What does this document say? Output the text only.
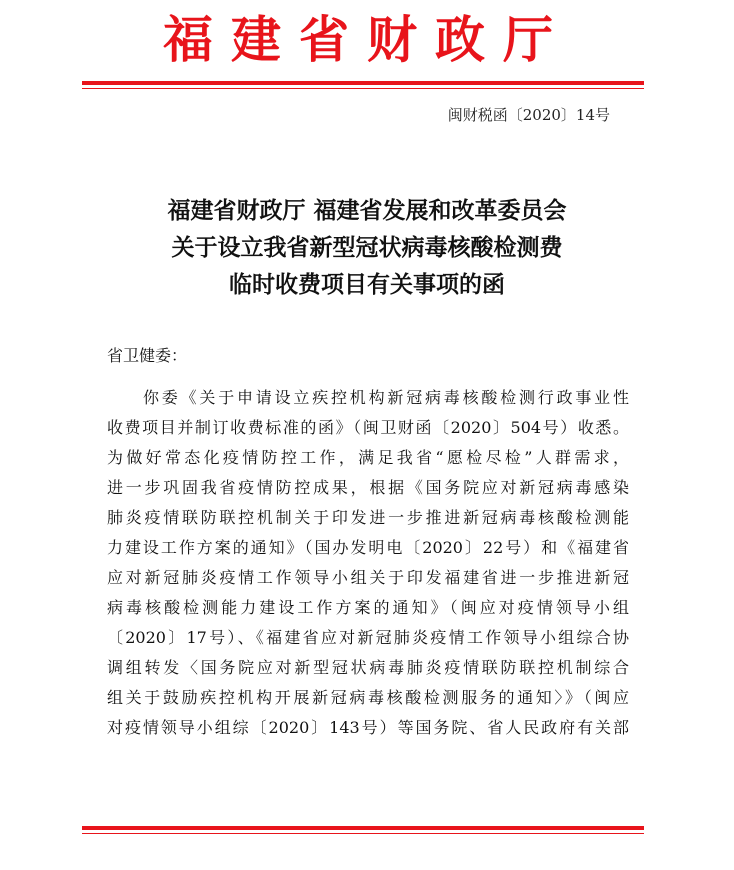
福建省财政厅
闽财税函〔2020〕14号
福建省财政厅 福建省发展和改革委员会
关于设立我省新型冠状病毒核酸检测费
临时收费项目有关事项的函
省卫健委：
你委《关于申请设立疾控机构新冠病毒核酸检测行政事业性
收费项目并制订收费标准的函》（闽卫财函〔2020〕504号）收悉。
为做好常态化疫情防控工作，满足我省“愿检尽检”人群需求，
进一步巩固我省疫情防控成果，根据《国务院应对新冠病毒感染
肺炎疫情联防联控机制关于印发进一步推进新冠病毒核酸检测能
力建设工作方案的通知》（国办发明电〔2020〕22号）和《福建省
应对新冠肺炎疫情工作领导小组关于印发福建省进一步推进新冠
病毒核酸检测能力建设工作方案的通知》（闽应对疫情领导小组
〔2020〕17号）、《福建省应对新冠肺炎疫情工作领导小组综合协
调组转发〈国务院应对新型冠状病毒肺炎疫情联防联控机制综合
组关于鼓励疾控机构开展新冠病毒核酸检测服务的通知〉》（闽应
对疫情领导小组综〔2020〕143号）等国务院、省人民政府有关部
